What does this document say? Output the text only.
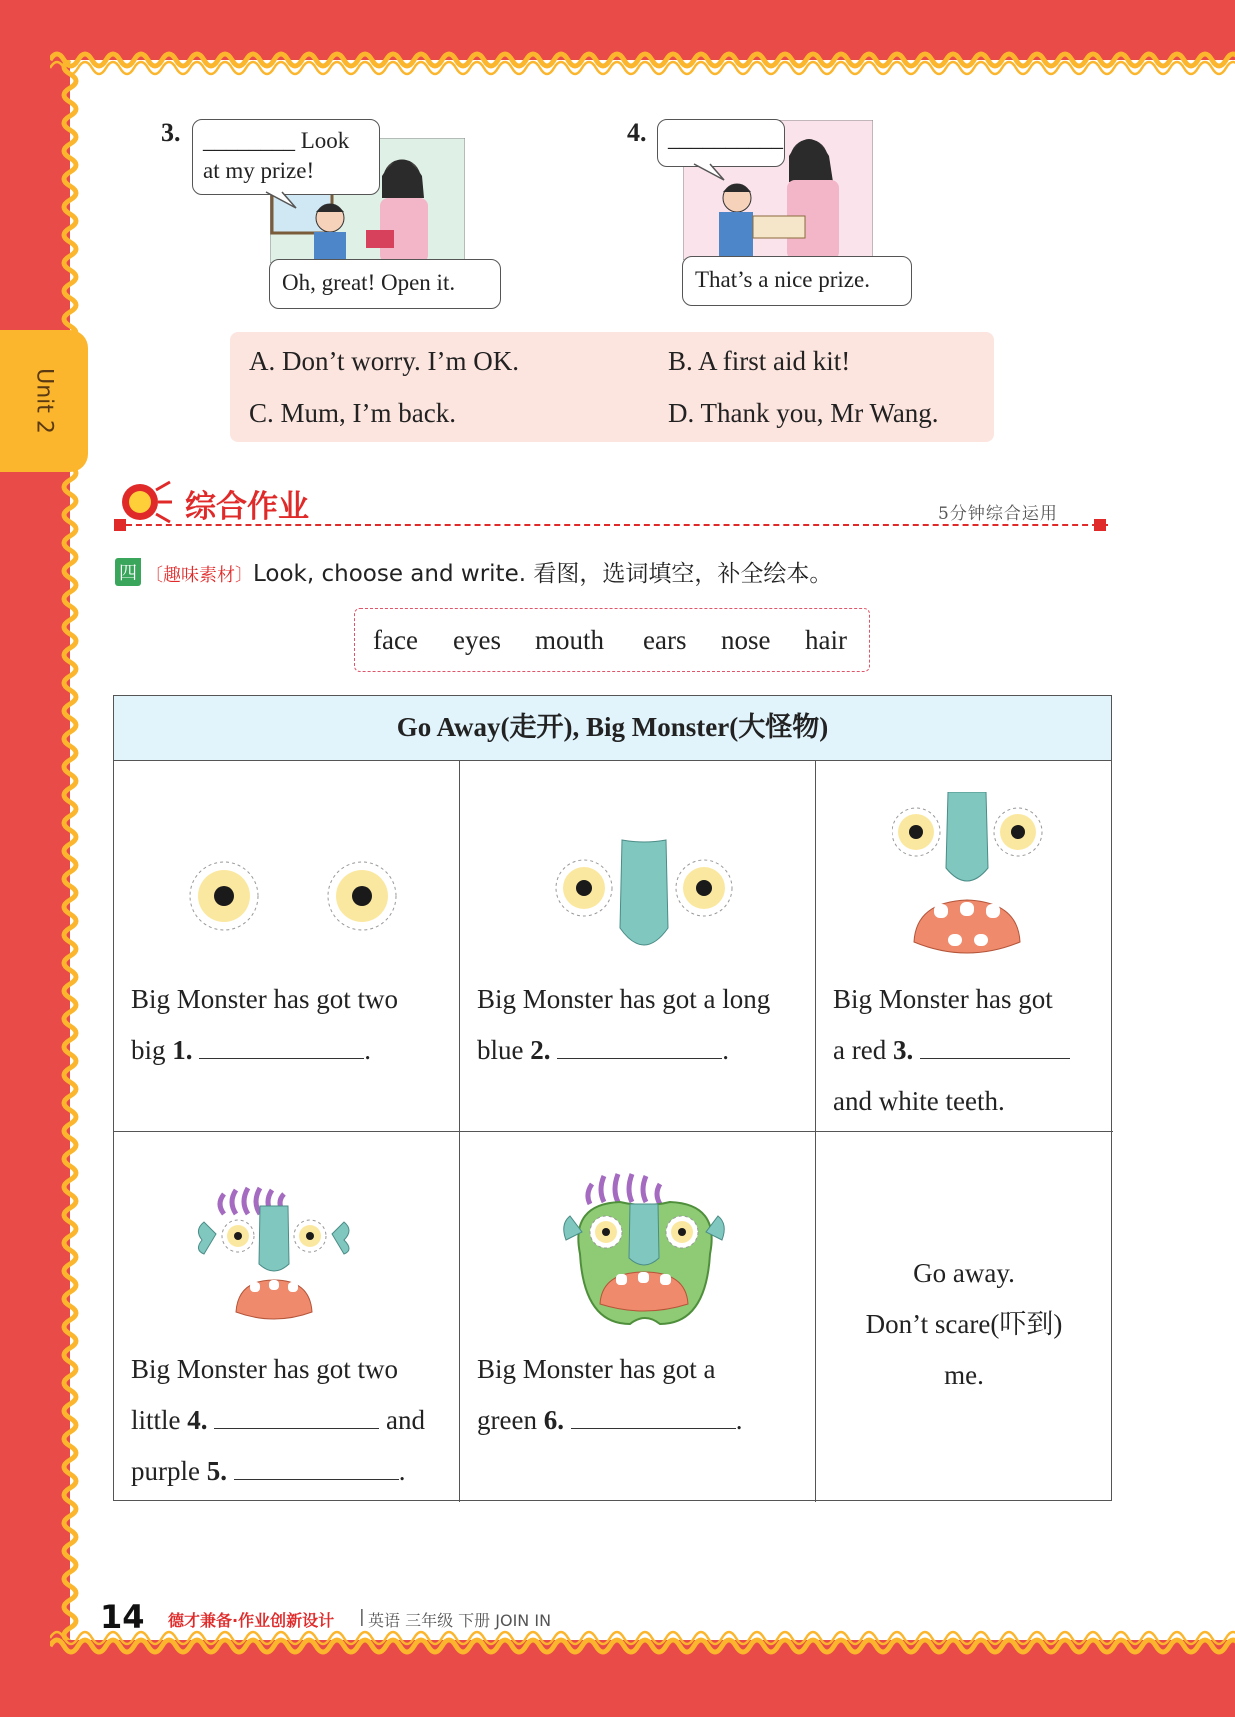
Unit 2
3. ________ Look
at my prize!
Oh, great! Open it.
4. __________
That’s a nice prize.
A. Don’t worry. I’m OK.	B. A first aid kit!
C. Mum, I’m back.	D. Thank you, Mr Wang.
综合作业	5分钟综合运用
四 〔趣味素材〕Look, choose and write. 看图，选词填空，补全绘本。
face eyes mouth ears nose hair
Go Away(走开), Big Monster(大怪物)
Big Monster has got two
big 1.	.
Big Monster has got a long
blue 2.	.
Big Monster has got
a red 3.
and white teeth.
Big Monster has got two
little 4.	and
purple 5.	.
Big Monster has got a
green 6.	.
Go away.
Don’t scare(吓到)
me.
14 德才兼备·作业创新设计 | 英语 三年级 下册 JOIN IN
